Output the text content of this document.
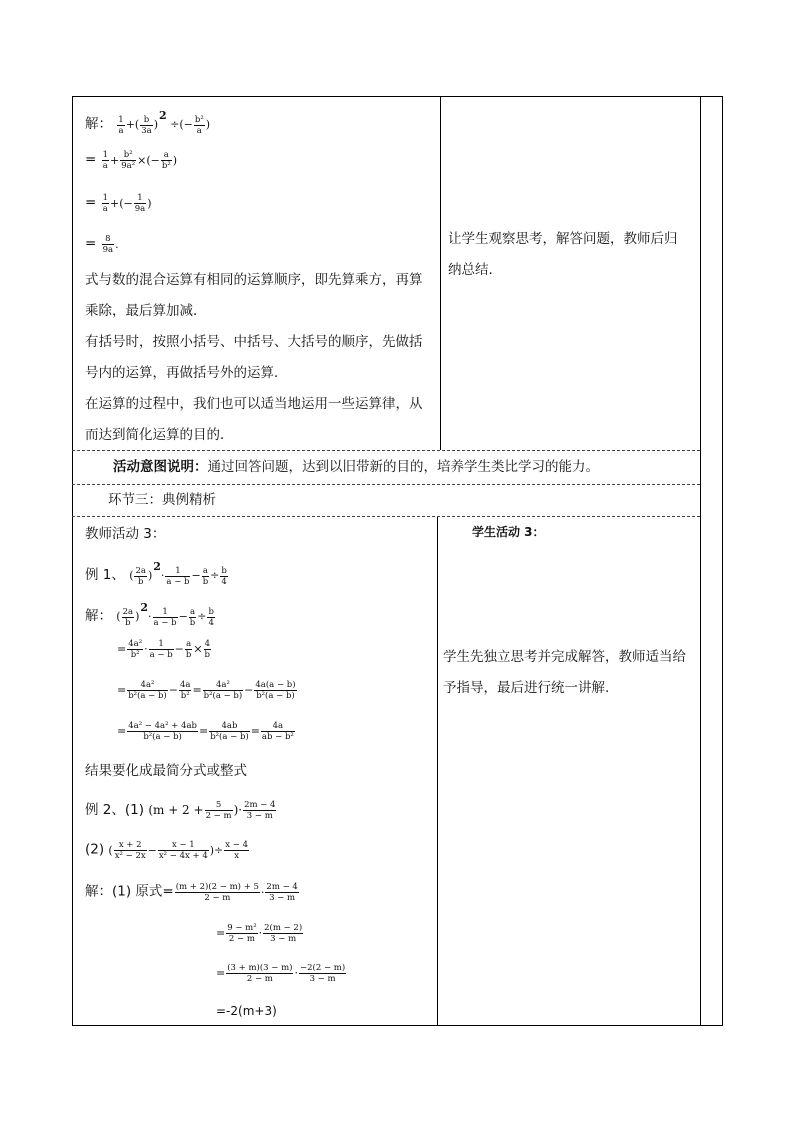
解： $\frac{1}{a}$ +( $\frac{b}{3a} )2$ ÷(− $\frac{\text{b²}}{a}$ )
= $\frac{1}{a} + \frac{\text{b²}}{\text{9a²}}$ ×(− $\frac{a}{\text{b²}}$ )
= $\frac{1}{a}$ +(− $\frac{1}{9a}$ )
= $\frac{8}{9a}$ .
式与数的混合运算有相同的运算顺序，即先算乘方，再算
乘除，最后算加减．
有括号时，按照小括号、中括号、大括号的顺序，先做括
号内的运算，再做括号外的运算．
在运算的过程中，我们也可以适当地运用一些运算律，从
而达到简化运算的目的．
让学生观察思考，解答问题，教师后归
纳总结.
活动意图说明：通过回答问题，达到以旧带新的目的，培养学生类比学习的能力。
环节三：典例精析
教师活动 3：
例 1、 ( $\frac{2a}{b} )2\cdot \frac{1}{a - b} - \frac{a}{b} \div \frac{b}{4}$
解： ( $\frac{2a}{b} )2\cdot \frac{1}{a - b} - \frac{a}{b} \div \frac{b}{4}$
= $\frac{\text{4a²}}{\text{b²}} \cdot \frac{1}{a - b} - \frac{a}{b} \times \frac{4}{b}$
= $\frac{\text{4a²}}{\text{b²(a − b)}} - \frac{4a}{\text{b²}} = \frac{\text{4a²}}{\text{b²(a − b)}} - \frac{4a(a - b)}{\text{b²(a − b)}}$
= $\frac{\text{4a² − 4a² + 4ab}}{\text{b²(a − b)}} = \frac{4ab}{\text{b²(a − b)}} = \frac{4a}{\text{ab − b²}}$
结果要化成最简分式或整式
例 2、(1) ($m + 2 + \frac{5}{2 - m}$ )· $\frac{2m - 4}{3 - m}$
(2) ( $\frac{x + 2}{\text{x² − 2x}} - \frac{x - 1}{\text{x² − 4x + 4}}$ )÷ $\frac{x - 4}{x}$
解：(1) 原式= $\frac{(m + 2)(2 - m) + 5}{2 - m} \cdot \frac{2m - 4}{3 - m}$
= $\frac{\text{9 − m²}}{2 - m} \cdot \frac{2(m - 2)}{3 - m}$
= $\frac{(3 + m)(3 - m)}{2 - m} \cdot \frac{-2(2 - m)}{3 - m}$
=-2(m+3)
学生活动 3：
学生先独立思考并完成解答，教师适当给
予指导，最后进行统一讲解.
